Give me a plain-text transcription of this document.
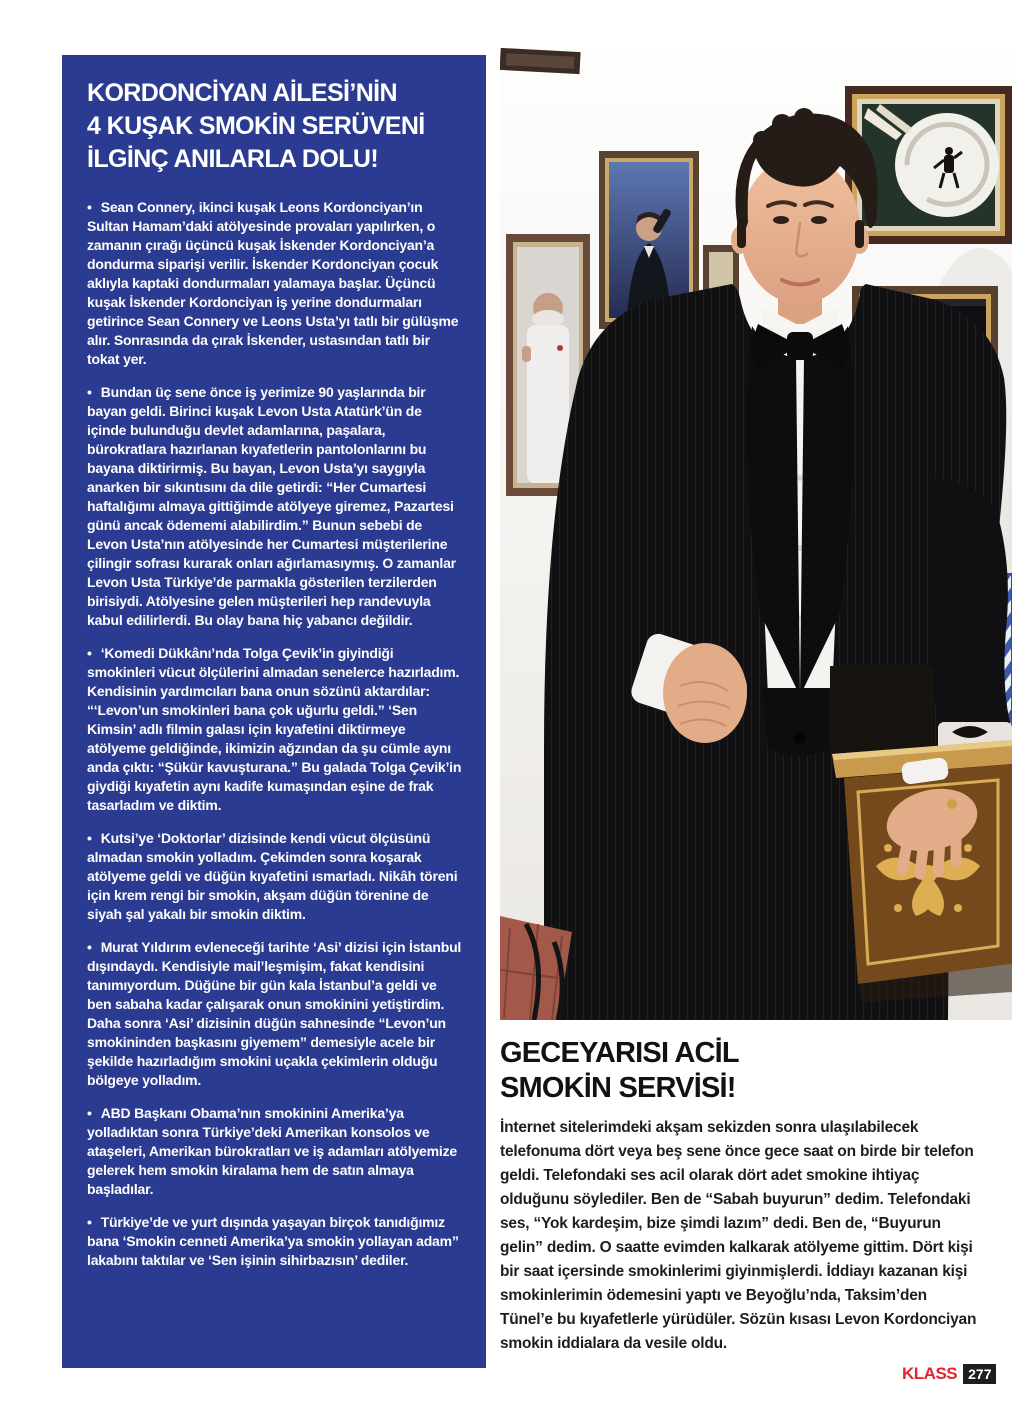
KORDONCİYAN AİLESİ’NİN
4 KUŞAK SMOKİN SERÜVENİ
İLGİNÇ ANILARLA DOLU!

• Sean Connery, ikinci kuşak Leons Kordonciyan’ın Sultan Hamam’daki atölyesinde provaları yapılırken, o zamanın çırağı üçüncü kuşak İskender Kordonciyan’a dondurma siparişi verilir. İskender Kordonciyan çocuk aklıyla kaptaki dondurmaları yalamaya başlar. Üçüncü kuşak İskender Kordonciyan iş yerine dondurmaları getirince Sean Connery ve Leons Usta’yı tatlı bir gülüşme alır. Sonrasında da çırak İskender, ustasından tatlı bir tokat yer.

• Bundan üç sene önce iş yerimize 90 yaşlarında bir bayan geldi. Birinci kuşak Levon Usta Atatürk’ün de içinde bulunduğu devlet adamlarına, paşalara, bürokratlara hazırlanan kıyafetlerin pantolonlarını bu bayana diktirirmiş. Bu bayan, Levon Usta’yı saygıyla anarken bir sıkıntısını da dile getirdi: “Her Cumartesi haftalığımı almaya gittiğimde atölyeye giremez, Pazartesi günü ancak ödememi alabilirdim.” Bunun sebebi de Levon Usta’nın atölyesinde her Cumartesi müşterilerine çilingir sofrası kurarak onları ağırlamasıymış. O zamanlar Levon Usta Türkiye’de parmakla gösterilen terzilerden birisiydi. Atölyesine gelen müşterileri hep randevuyla kabul edilirlerdi. Bu olay bana hiç yabancı değildir.

• ‘Komedi Dükkânı’nda Tolga Çevik’in giyindiği smokinleri vücut ölçülerini almadan senelerce hazırladım. Kendisinin yardımcıları bana onun sözünü aktardılar: “‘Levon’un smokinleri bana çok uğurlu geldi.” ‘Sen Kimsin’ adlı filmin galası için kıyafetini diktirmeye atölyeme geldiğinde, ikimizin ağzından da şu cümle aynı anda çıktı: “Şükür kavuşturana.” Bu galada Tolga Çevik’in giydiği kıyafetin aynı kadife kumaşından eşine de frak tasarladım ve diktim.

• Kutsi’ye ‘Doktorlar’ dizisinde kendi vücut ölçüsünü almadan smokin yolladım. Çekimden sonra koşarak atölyeme geldi ve düğün kıyafetini ısmarladı. Nikâh töreni için krem rengi bir smokin, akşam düğün törenine de siyah şal yakalı bir smokin diktim.

• Murat Yıldırım evleneceği tarihte ‘Asi’ dizisi için İstanbul dışındaydı. Kendisiyle mail’leşmişim, fakat kendisini tanımıyordum. Düğüne bir gün kala İstanbul’a geldi ve ben sabaha kadar çalışarak onun smokinini yetiştirdim. Daha sonra ‘Asi’ dizisinin düğün sahnesinde “Levon’un smokininden başkasını giyemem” demesiyle acele bir şekilde hazırladığım smokini uçakla çekimlerin olduğu bölgeye yolladım.

• ABD Başkanı Obama’nın smokinini Amerika’ya yolladıktan sonra Türkiye’deki Amerikan konsolos ve ataşeleri, Amerikan bürokratları ve iş adamları atölyemize gelerek hem smokin kiralama hem de satın almaya başladılar.

• Türkiye’de ve yurt dışında yaşayan birçok tanıdığımız bana ‘Smokin cenneti Amerika’ya smokin yollayan adam” lakabını taktılar ve ‘Sen işinin sihirbazısın’ dediler.

GECEYARISI ACİL
SMOKİN SERVİSİ!

İnternet sitelerimdeki akşam sekizden sonra ulaşılabilecek telefonuma dört veya beş sene önce gece saat on birde bir telefon geldi. Telefondaki ses acil olarak dört adet smokine ihtiyaç olduğunu söylediler. Ben de “Sabah buyurun” dedim. Telefondaki ses, “Yok kardeşim, bize şimdi lazım” dedi. Ben de, “Buyurun gelin” dedim. O saatte evimden kalkarak atölyeme gittim. Dört kişi bir saat içersinde smokinlerimi giyinmişlerdi. İddiayı kazanan kişi smokinlerimin ödemesini yaptı ve Beyoğlu’nda, Taksim’den Tünel’e bu kıyafetlerle yürüdüler. Sözün kısası Levon Kordonciyan smokin iddialara da vesile oldu.

KLASS 277
